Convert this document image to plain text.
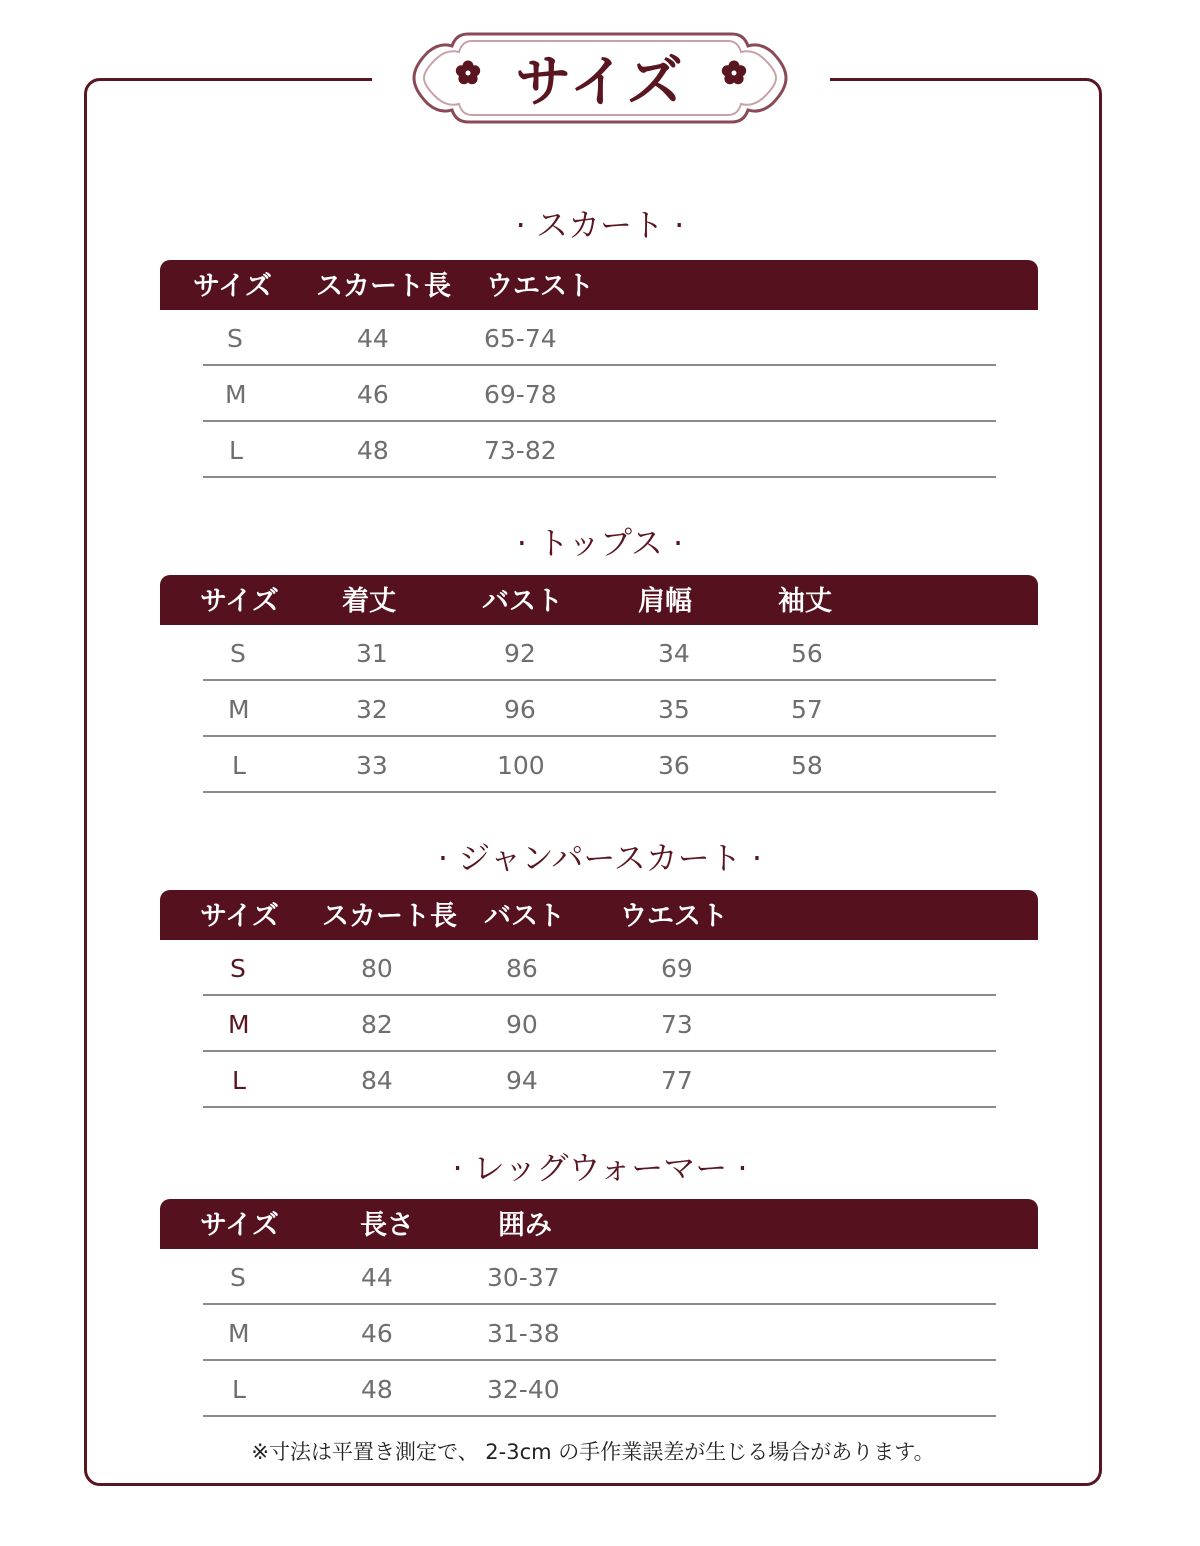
サイズ
· スカート ·
サイズ スカート長 ウエスト
S	44	65-74
M	46	69-78
L	48	73-82
· トップス ·
サイズ 着丈	バスト	肩幅	袖丈
S	31	92	34	56
M	32	96	35	57
L	33	100	36	58
· ジャンパースカート ·
サイズ スカート長 バスト ウエスト
S	80	86	69
M	82	90	73
L	84	94	77
· レッグウォーマー ·
サイズ	長さ	囲み
S	44	30-37
M	46	31-38
L	48	32-40
※寸法は平置き測定で、 2-3cm の手作業誤差が生じる場合があります。
